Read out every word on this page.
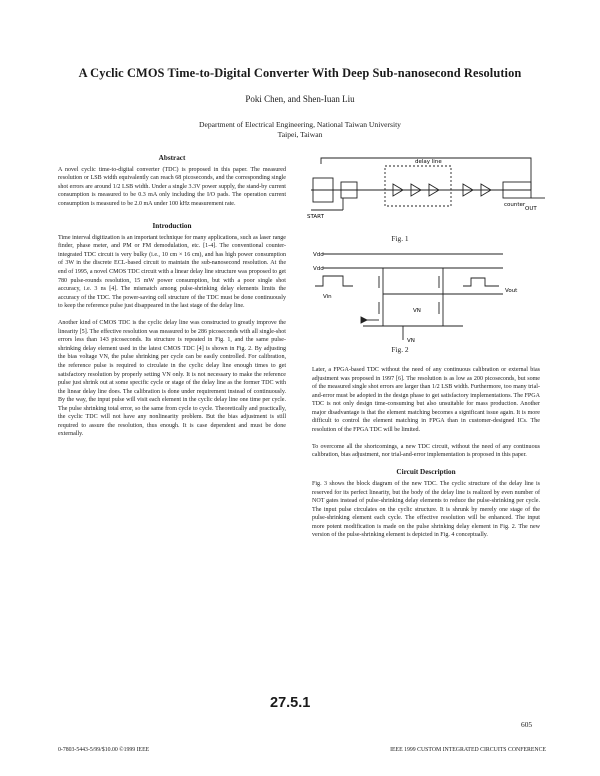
A Cyclic CMOS Time-to-Digital Converter With Deep Sub-nanosecond Resolution
Poki Chen, and Shen-Iuan Liu
Department of Electrical Engineering, National Taiwan University
Taipei, Taiwan
Abstract

A novel cyclic time-to-digital converter (TDC) is proposed in this paper. The measured resolution or LSB width equivalently can reach 68 picoseconds, and the corresponding single shot errors are around 1/2 LSB width. Under a single 3.3V power supply, the stand-by current consumption is measured to be 0.3 mA only including the I/O pads. The operation current consumption is measured to be 2.0 mA under 100 kHz measurement rate.

Introduction

Time interval digitization is an important technique for many applications, such as laser range finder, phase meter, and PM or FM demodulation, etc. [1-4]. The conventional counter-integrated TDC circuit is very bulky (i.e., 10 cm × 16 cm), and has high power consumption of 3W in the discrete ECL-based circuit to maintain the sub-nanosecond resolution. At the end of 1995, a novel CMOS TDC circuit with a linear delay line structure was proposed to get 780 pulse-rounds resolution, 15 mW power consumption, but with a poor single shot accuracy, i.e. 3 ns [4]. The mismatch among pulse-shrinking delay elements limits the accuracy of the TDC. The power-saving cell structure of the TDC must be done continuously to keep the reference pulse just disappeared in the last stage of the delay line.

Another kind of CMOS TDC is the cyclic delay line was constructed to greatly improve the linearity [5]. The effective resolution was measured to be 286 picoseconds with all single-shot errors less than 143 picoseconds. Its structure is repeated in Fig. 1, and the same pulse-shrinking delay element used in the latest CMOS TDC [4] is shown in Fig. 2. By adjusting the bias voltage VN, the pulse shrinking per cycle can be easily controlled. For calibration, the reference pulse is required to circulate in the cyclic delay line enough times to get satisfactory resolution by properly setting VN only. It is not necessary to make the reference pulse just shrink out at some specific cycle or stage of the delay line as the former TDC with the linear delay line does. The calibration is done under requirement instead of continuously. By the way, the input pulse will visit each element in the cyclic delay line one time per cycle. The pulse shrinking total error, so the same from cycle to cycle. Theoretically and practically, the cyclic TDC will not have any nonlinearity problem. But the bias adjustment is still required to assure the resolution, thus enough. It is case dependent and must be done externally.

delay line
counter
START
OUT
Fig. 1
Vdd
Vdd
Vin
Vout
VN
VN
Fig. 2

Later, a FPGA-based TDC without the need of any continuous calibration or external bias adjustment was proposed in 1997 [6]. The resolution is as low as 200 picoseconds, but some of the measured single shot errors are larger than 1/2 LSB width. Furthermore, too many trial-and-error must be adopted in the design phase to get satisfactory implementations. The FPGA TDC is not only design time-consuming but also unsuitable for mass production. Another major disadvantage is that the element matching becomes a significant issue again. It is more difficult to control the element matching in FPGA than in customer-designed ICs. The resolution of the FPGA TDC will be limited.

To overcome all the shortcomings, a new TDC circuit, without the need of any continuous calibration, bias adjustment, nor trial-and-error implementation is proposed in this paper.

Circuit Description

Fig. 3 shows the block diagram of the new TDC. The cyclic structure of the delay line is reserved for its perfect linearity, but the body of the delay line is realized by even number of NOT gates instead of pulse-shrinking delay elements to reduce the pulse-shrinking per cycle. The input pulse circulates on the cyclic structure. It is shrunk by merely one stage of the pulse-shrinking element each cycle. The effective resolution will be enhanced. The input more potent modification is made on the pulse shrinking delay element in Fig. 2. The new version of the pulse-shrinking element is depicted in Fig. 4 conceptually.

27.5.1
605
0-7803-5443-5/99/$10.00 ©1999 IEEE	IEEE 1999 CUSTOM INTEGRATED CIRCUITS CONFERENCE
